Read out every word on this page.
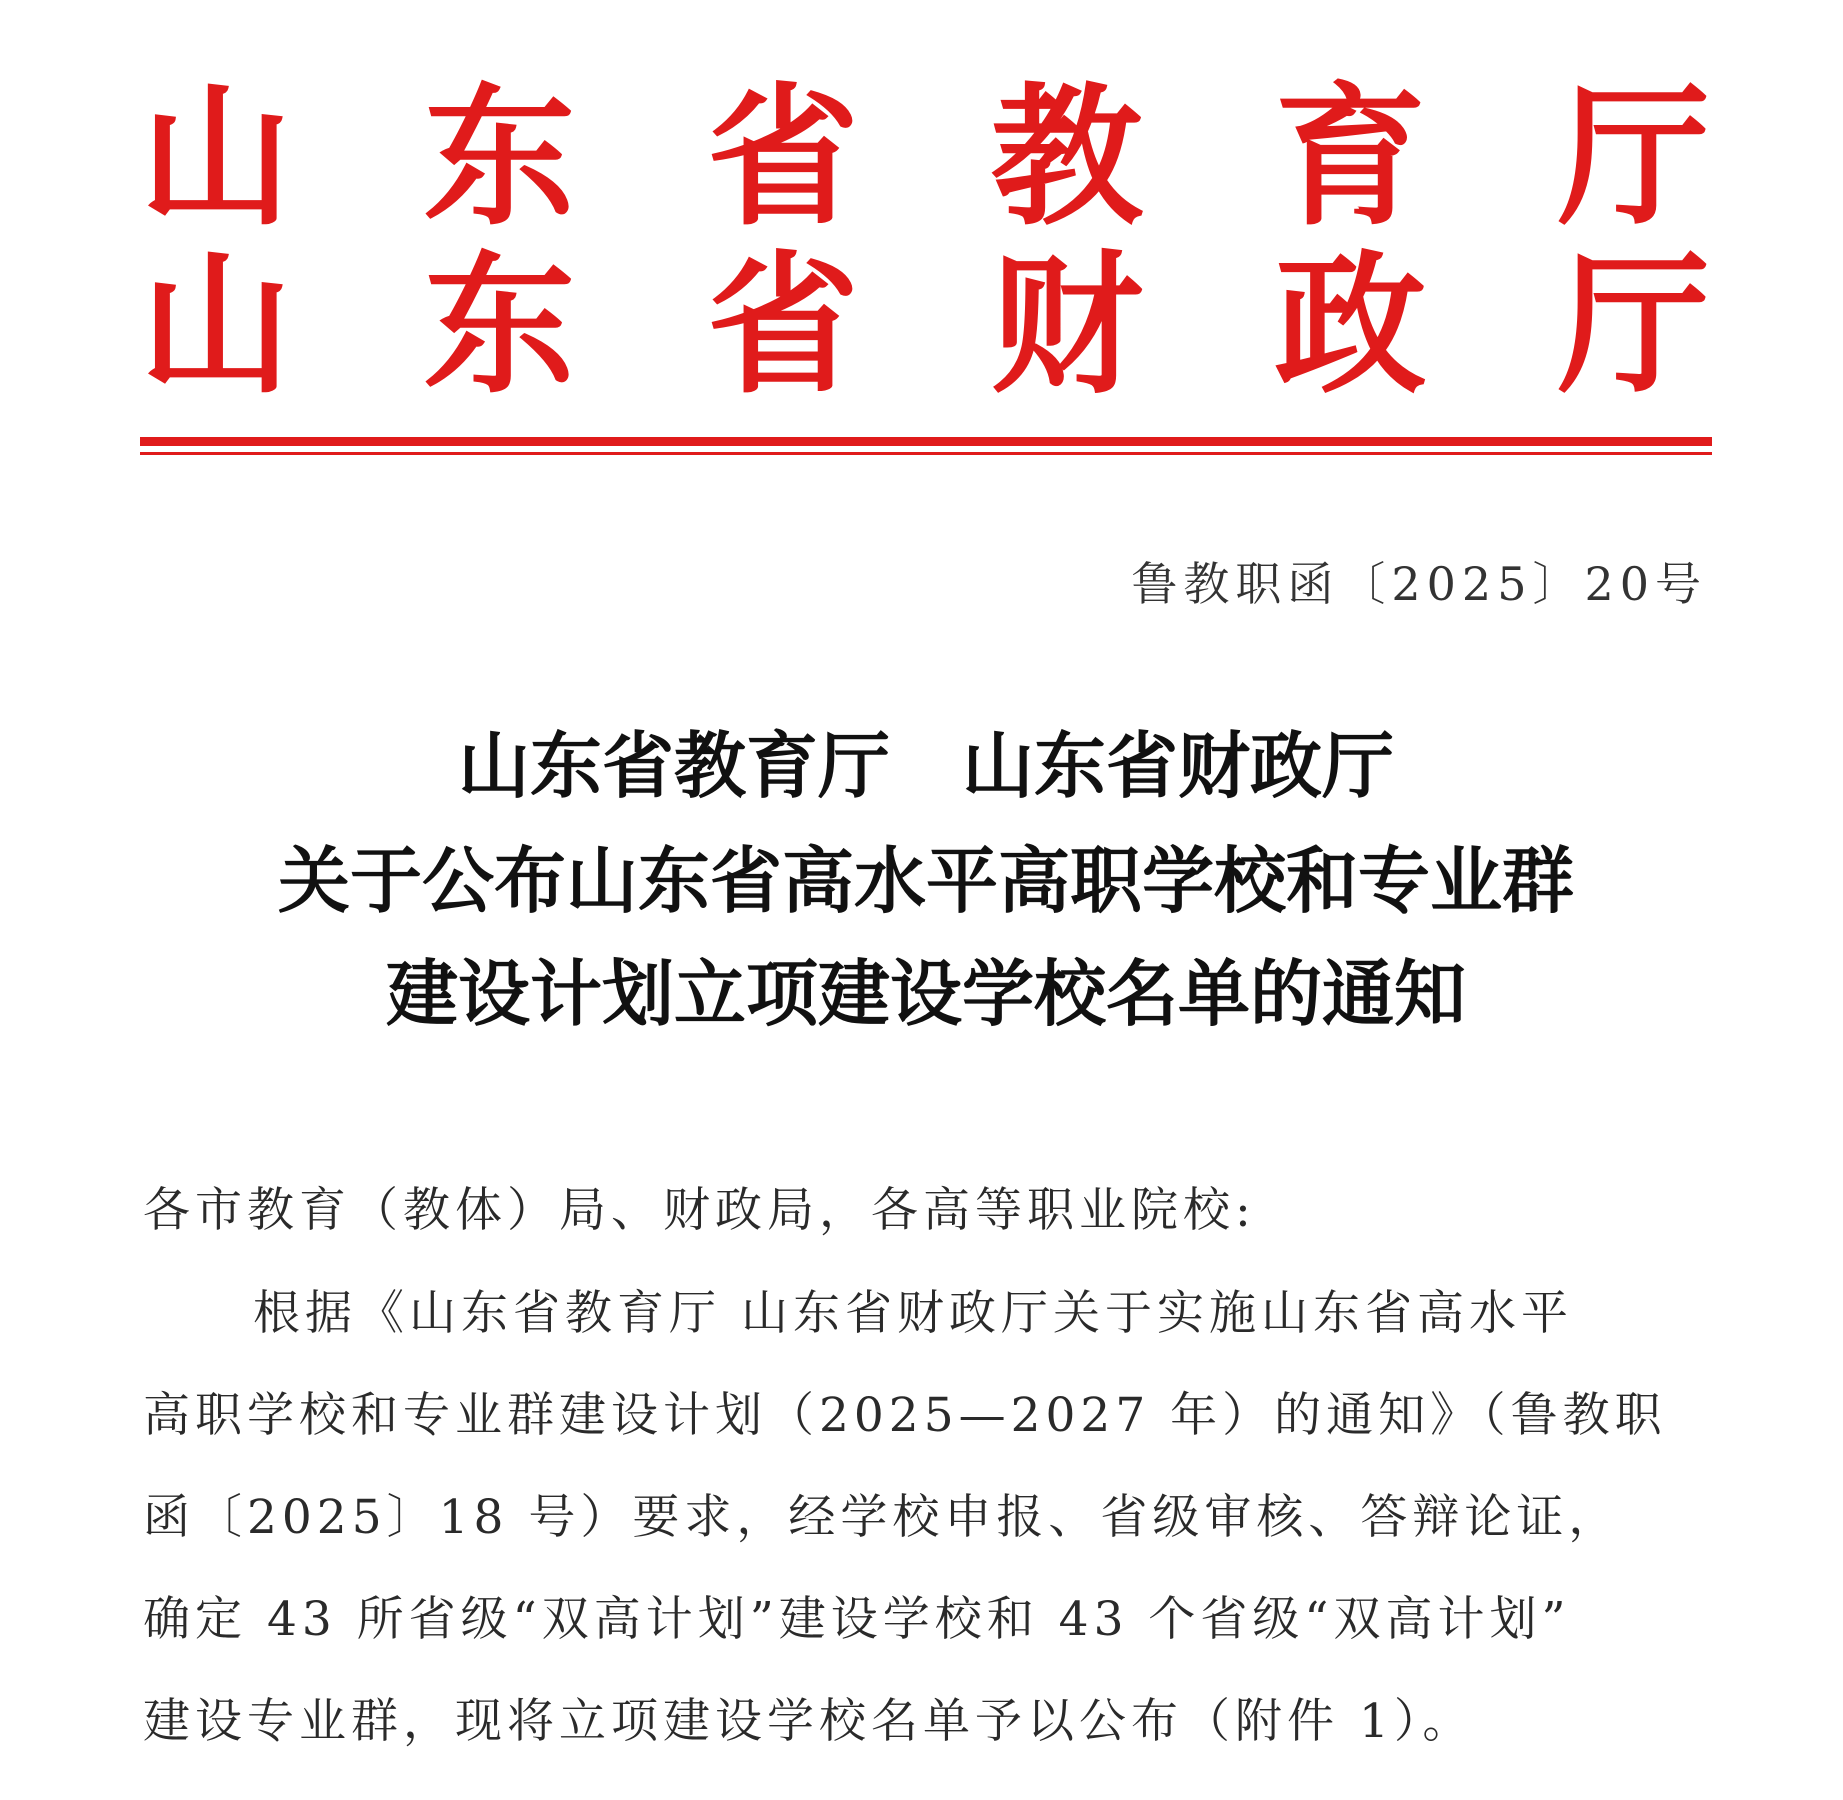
山 东 省 教 育 厅
山 东 省 财 政 厅
鲁教职函〔2025〕20号
山东省教育厅　山东省财政厅
关于公布山东省高水平高职学校和专业群
建设计划立项建设学校名单的通知
各市教育（教体）局、财政局，各高等职业院校:
根据《山东省教育厅 山东省财政厅关于实施山东省高水平
高职学校和专业群建设计划（2025—2027 年）的通知》（鲁教职
函〔2025〕18 号）要求，经学校申报、省级审核、答辩论证，
确定 43 所省级“双高计划”建设学校和 43 个省级“双高计划”
建设专业群，现将立项建设学校名单予以公布（附件 1）。
